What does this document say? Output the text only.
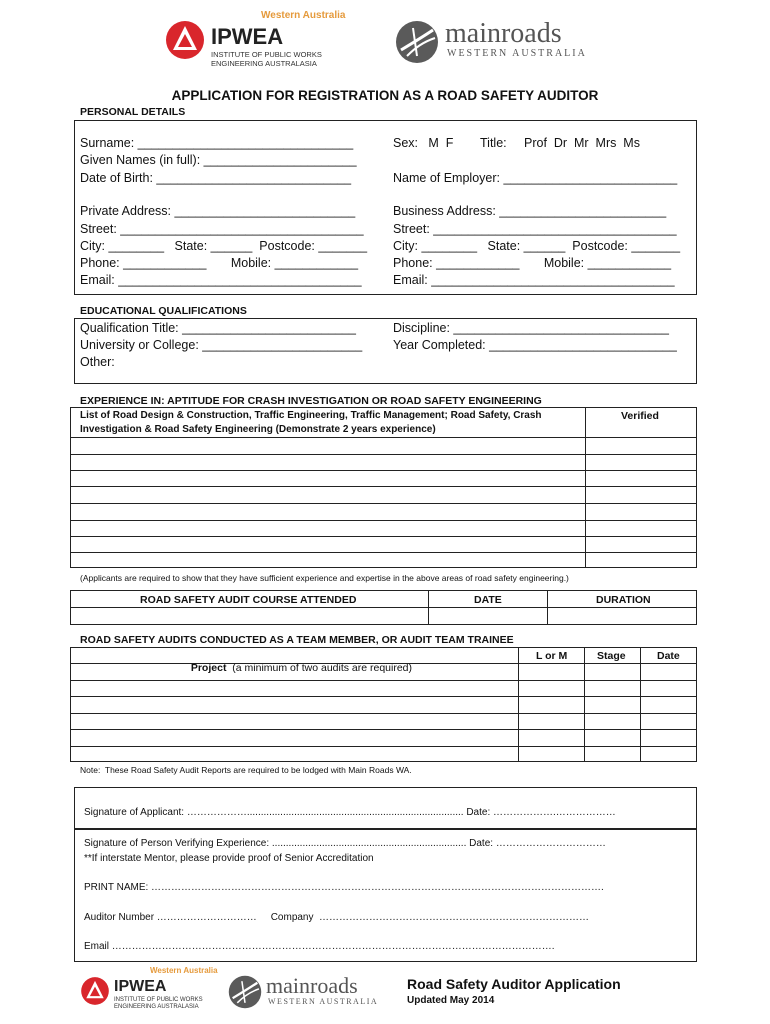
Western Australia
IPWEA
INSTITUTE OF PUBLIC WORKS
ENGINEERING AUSTRALASIA
mainroads
WESTERN AUSTRALIA
APPLICATION FOR REGISTRATION AS A ROAD SAFETY AUDITOR
PERSONAL DETAILS
Surname: _______________________________
Given Names (in full): ______________________
Date of Birth: ____________________________
Sex:   M  F Title: Prof  Dr  Mr  Mrs  Ms
Name of Employer: _________________________
Private Address: __________________________
Street: ___________________________________
City: ________   State: ______  Postcode: _______
Phone: ____________       Mobile: ____________
Email: ___________________________________
Business Address: ________________________
Street: ___________________________________
City: ________   State: ______  Postcode: _______
Phone: ____________       Mobile: ____________
Email: ___________________________________
EDUCATIONAL QUALIFICATIONS
Qualification Title: _________________________
University or College: _______________________
Other:
Discipline: _______________________________
Year Completed: ___________________________
EXPERIENCE IN: APTITUDE FOR CRASH INVESTIGATION OR ROAD SAFETY ENGINEERING
List of Road Design & Construction, Traffic Engineering, Traffic Management; Road Safety, Crash
Investigation & Road Safety Engineering (Demonstrate 2 years experience)
Verified
(Applicants are required to show that they have sufficient experience and expertise in the above areas of road safety engineering.)
ROAD SAFETY AUDIT COURSE ATTENDED	DATE	DURATION
ROAD SAFETY AUDITS CONDUCTED AS A TEAM MEMBER, OR AUDIT TEAM TRAINEE

Project  (a minimum of two audits are required)

L or M	Stage	Date
Note:  These Road Safety Audit Reports are required to be lodged with Main Roads WA.
Signature of Applicant: ……………….............................................................................. Date: ……………….………………
Signature of Person Verifying Experience: ...................................................................... Date: ……………………………
**If interstate Mentor, please provide proof of Senior Accreditation
PRINT NAME: ……………………………………………………………………………………………………………………….
Auditor Number …………………………     Company  ………………………………………………………………………
Email …………………………………………………………………………………………………………………….
Western Australia
IPWEA
INSTITUTE OF PUBLIC WORKS
ENGINEERING AUSTRALASIA
mainroads
WESTERN AUSTRALIA
Road Safety Auditor Application
Updated May 2014
